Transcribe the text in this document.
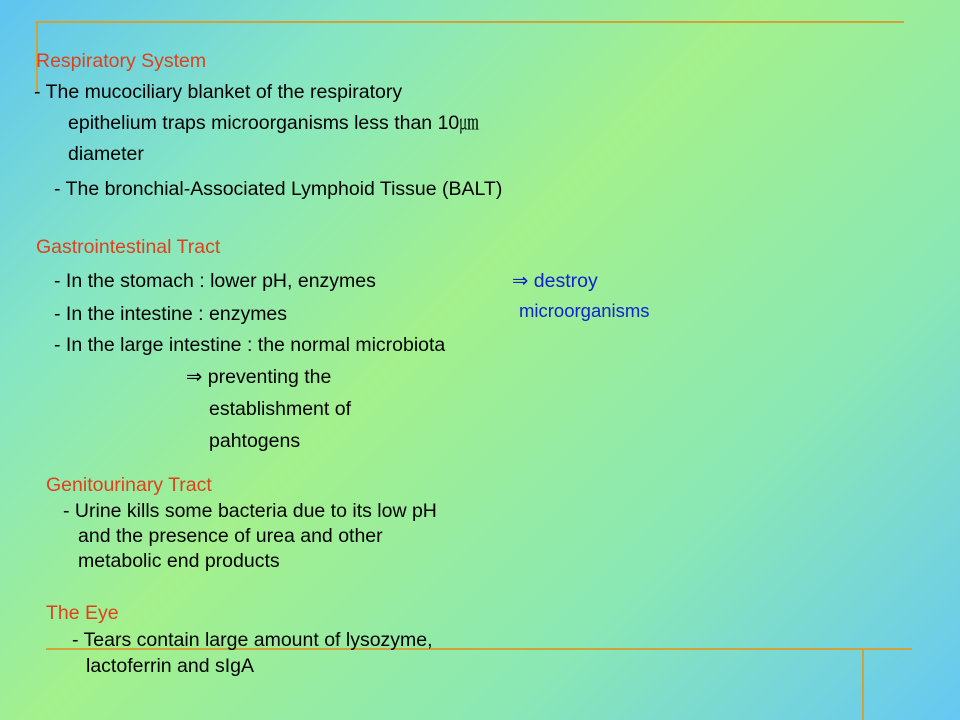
Respiratory System
- The mucociliary blanket of the respiratory
epithelium traps microorganisms less than 10㎛
diameter
- The bronchial-Associated Lymphoid Tissue (BALT)
Gastrointestinal Tract
- In the stomach : lower pH, enzymes	⇒ destroy
microorganisms
- In the intestine : enzymes
- In the large intestine : the normal microbiota
⇒ preventing the
establishment of
pahtogens
Genitourinary Tract
- Urine kills some bacteria due to its low pH
and the presence of urea and other
metabolic end products
The Eye
- Tears contain large amount of lysozyme,
lactoferrin and sIgA
